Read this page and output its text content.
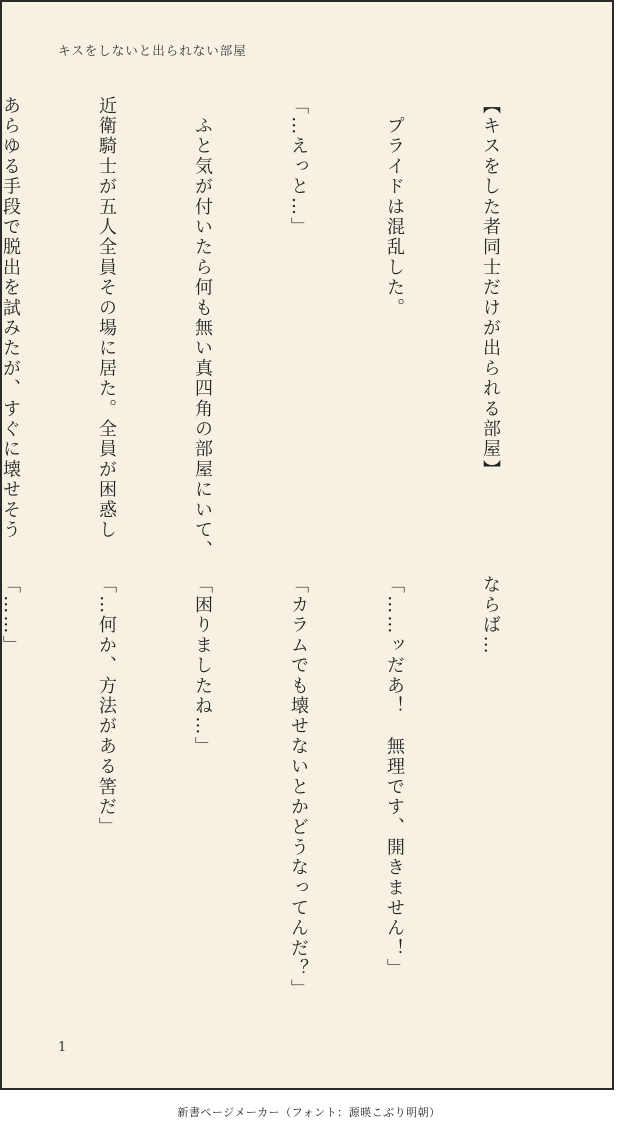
キスをしないと出られない部屋

【キスをした者同士だけが出られる部屋】

　プライドは混乱した。

「…えっと…」

　ふと気が付いたら何も無い真四角の部屋にいて、

近衛騎士が五人全員その場に居た。全員が困惑し

あらゆる手段で脱出を試みたが、すぐに壊せそう

ならば…

「……ッだあ！　無理です、開きません！」

「カラムでも壊せないとかどうなってんだ？」

「困りましたね…」

「…何か、方法がある筈だ」

「……」

1
新書ページメーカー（フォント：源暎こぶり明朝）
